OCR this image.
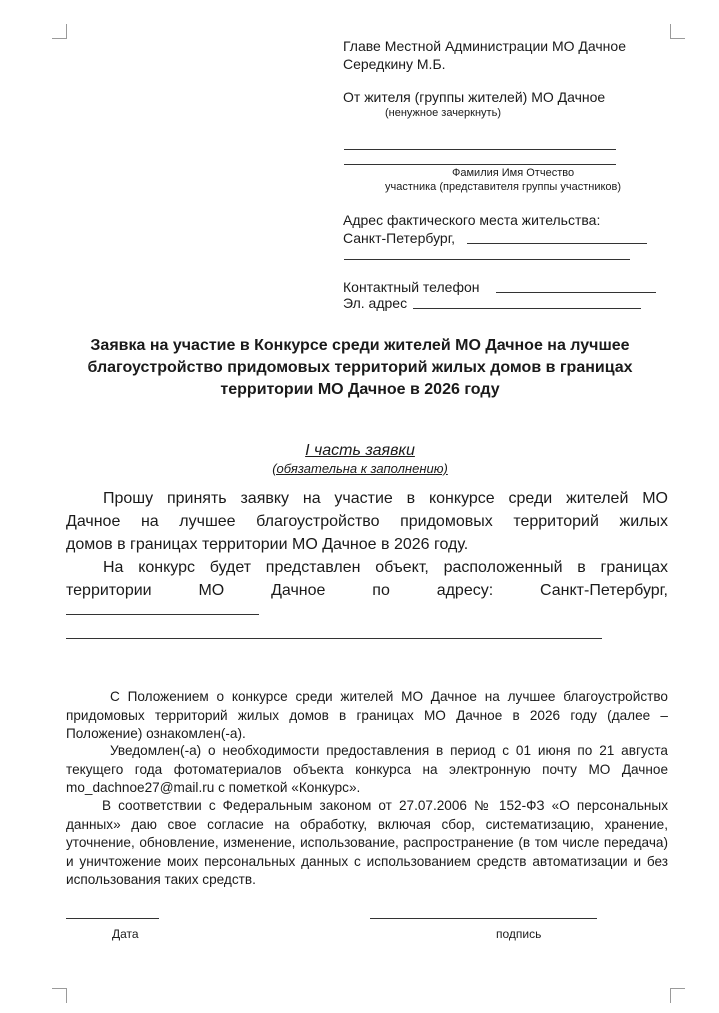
Главе Местной Администрации МО Дачное

Середкину М.Б.

От жителя (группы жителей) МО Дачное

(ненужное зачеркнуть)

Фамилия Имя Отчество

участника (представителя группы участников)

Адрес фактического места жительства:

Санкт-Петербург,

Контактный телефон

Эл. адрес

Заявка на участие в Конкурсе среди жителей МО Дачное на лучшее
благоустройство придомовых территорий жилых домов в границах
территории МО Дачное в 2026 году

I часть заявки

(обязательна к заполнению)

Прошу принять заявку на участие в конкурсе среди жителей МО
Дачное на лучшее благоустройство придомовых территорий жилых
домов в границах территории МО Дачное в 2026 году.
На конкурс будет представлен объект, расположенный в границах
территории МО Дачное по адресу: Санкт-Петербург,
С Положением о конкурсе среди жителей МО Дачное на лучшее благоустройство придомовых территорий жилых домов в границах МО Дачное в 2026 году (далее – Положение) ознакомлен(-а).
Уведомлен(-а) о необходимости предоставления в период с 01 июня по 21 августа текущего года фотоматериалов объекта конкурса на электронную почту МО Дачное mo_dachnoe27@mail.ru с пометкой «Конкурс».
В соответствии с Федеральным законом от 27.07.2006 № 152-ФЗ «О персональных данных» даю свое согласие на обработку, включая сбор, систематизацию, хранение, уточнение, обновление, изменение, использование, распространение (в том числе передача) и уничтожение моих персональных данных с использованием средств автоматизации и без использования таких средств.

Дата	подпись
